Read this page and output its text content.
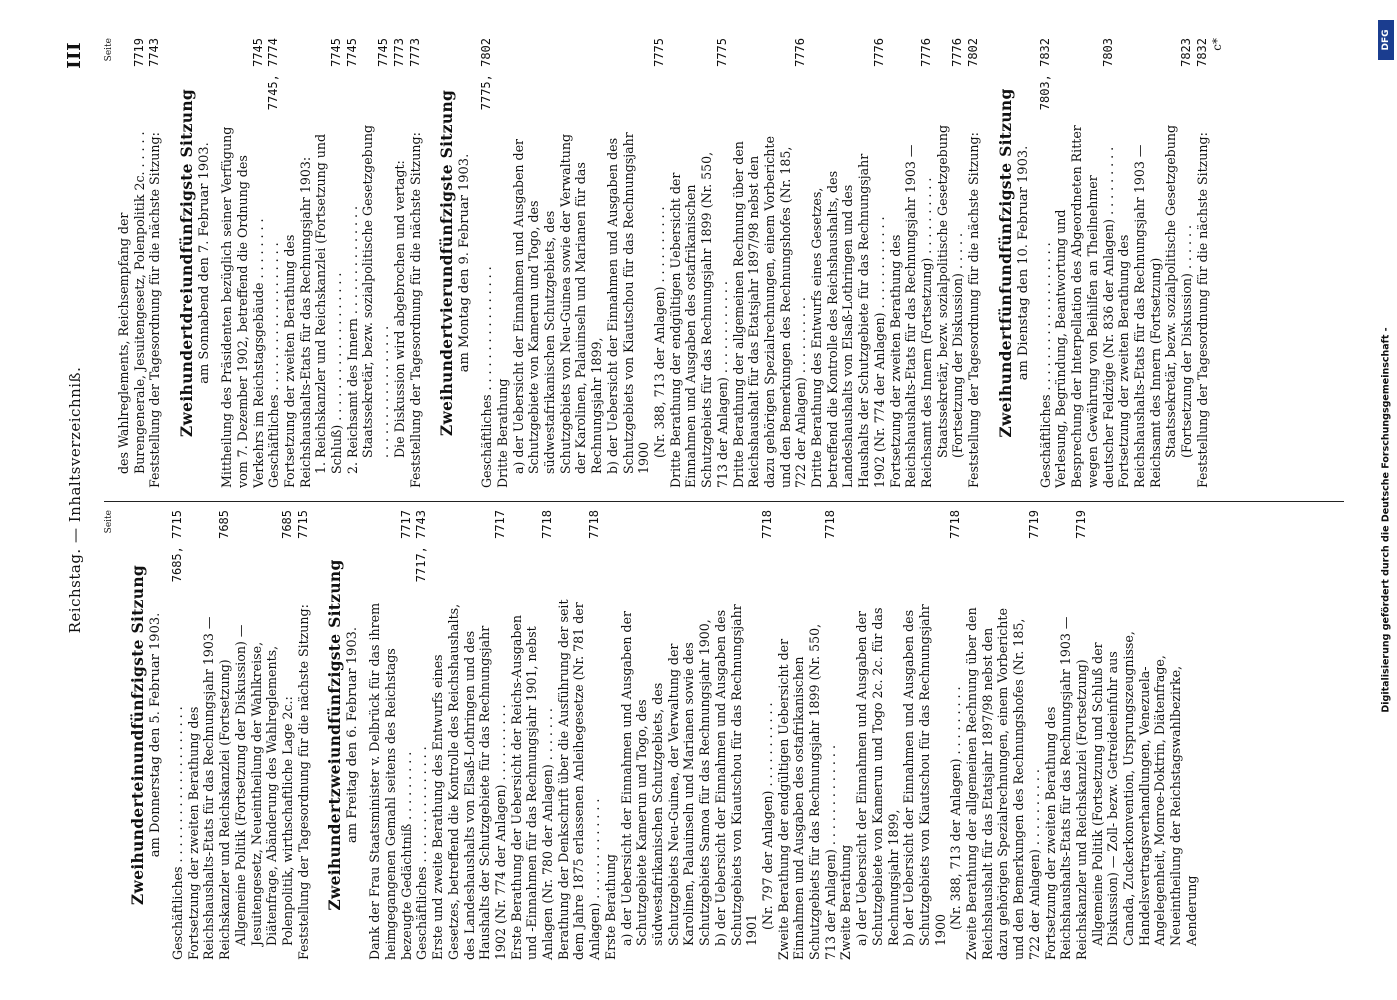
Reichstag. — Inhaltsverzeichniß.
III
Seite
Zweihunderteinundfünfzigste Sitzung am Donnerstag den 5. Februar 1903. Geschäftliches . . . . . . . . . . . . . . . . . . . .
7685, 7715
Fortsetzung der zweiten Berathung des Reichshaushalts-Etats für das Rechnungsjahr 1903 — Reichskanzler und Reichskanzlei (Fortsetzung)
7685
Allgemeine Politik (Fortsetzung der Diskussion) — Jesuitengesetz, Neueintheilung der Wahlkreise, Diätenfrage, Abänderung des Wahlreglements, Polenpolitik, wirthschaftliche Lage 2c.:
7685
Feststellung der Tagesordnung für die nächste Sitzung:
7715
Zweihundertzweiundfünfzigste Sitzung am Freitag den 6. Februar 1903. Dank der Frau Staatsminister v. Delbrück für das ihrem heimgegangenen Gemahl seitens des Reichstags bezeugte Gedächtniß . . . . . . . . .
7717
Geschäftliches . . . . . . . . . . . . . . .
7717, 7743
Erste und zweite Berathung des Entwurfs eines Gesetzes, betreffend die Kontrolle des Reichshaushalts, des Landeshaushalts von Elsaß-Lothringen und des Haushalts der Schutzgebiete für das Rechnungsjahr 1902 (Nr. 774 der Anlagen) . . . . . . . . . .
7717
Erste Berathung der Uebersicht der Reichs-Ausgaben und -Einnahmen für das Rechnungsjahr 1901, nebst Anlagen (Nr. 780 der Anlagen) . . . . . . .
7718
Berathung der Denkschrift über die Ausführung der seit dem Jahre 1875 erlassenen Anleihegesetze (Nr. 781 der Anlagen) . . . . . . . . . . . . .
7718
Erste Berathung a) der Uebersicht der Einnahmen und Ausgaben der Schutzgebiete Kamerun und Togo, des südwestafrikanischen Schutzgebiets, des Schutzgebiets Neu-Guinea, der Verwaltung der Karolinen, Palauinseln und Marianen sowie des Schutzgebiets Samoa für das Rechnungsjahr 1900, b) der Uebersicht der Einnahmen und Ausgaben des Schutzgebiets von Kiautschou für das Rechnungsjahr 1901 (Nr. 797 der Anlagen) . . . . . . . . . . .
7718
Zweite Berathung der endgültigen Uebersicht der Einnahmen und Ausgaben des ostafrikanischen Schutzgebiets für das Rechnungsjahr 1899 (Nr. 550, 713 der Anlagen) . . . . . . . . . . . . .
7718
Zweite Berathung a) der Uebersicht der Einnahmen und Ausgaben der Schutzgebiete von Kamerun und Togo 2c. 2c. für das Rechnungsjahr 1899, b) der Uebersicht der Einnahmen und Ausgaben des Schutzgebiets von Kiautschou für das Rechnungsjahr 1900 (Nr. 388, 713 der Anlagen) . . . . . . . . .
7718
Zweite Berathung der allgemeinen Rechnung über den Reichshaushalt für das Etatsjahr 1897/98 nebst den dazu gehörigen Spezialrechnungen, einem Vorberichte und den Bemerkungen des Rechnungshofes (Nr. 185, 722 der Anlagen) . . . . . . . . . .
7719
Fortsetzung der zweiten Berathung des Reichshaushalts-Etats für das Rechnungsjahr 1903 — Reichskanzler und Reichskanzlei (Fortsetzung)
7719
Allgemeine Politik (Fortsetzung und Schluß der Diskussion) — Zoll- bezw. Getreideeinfuhr aus Canada, Zuckerkonvention, Ursprungszeugnisse, Handelsvertragsverhandlungen, Venezuela-Angelegenheit, Monroe-Doktrin, Diätenfrage, Neueintheilung der Reichstagswahlbezirke, Aenderung
Seite
des Wahlreglements, Reichsempfang der Burengenerale, Jesuitengesetz, Polenpolitik 2c. . . . . .
7719
Feststellung der Tagesordnung für die nächste Sitzung:
7743
Zweihundertdreiundfünfzigste Sitzung am Sonnabend den 7. Februar 1903. Mittheilung des Präsidenten bezüglich seiner Verfügung vom 7. Dezember 1902, betreffend die Ordnung des Verkehrs im Reichstagsgebäude . . . . . . . .
7745
Geschäftliches . . . . . . . . . . . . . . . . . . .
7745, 7774
Fortsetzung der zweiten Berathung des Reichshaushalts-Etats für das Rechnungsjahr 1903: 1. Reichskanzler und Reichskanzlei (Fortsetzung und Schluß) . . . . . . . . . . . . . . . . . . .
7745
2. Reichsamt des Innern . . . . . . . . . . . . . .
7745
Staatssekretär, bezw. sozialpolitische Gesetzgebung . . . . . . . . . . . . . . . . .
7745
Die Diskussion wird abgebrochen und vertagt:
7773
Feststellung der Tagesordnung für die nächste Sitzung:
7773
Zweihundertvierundfünfzigste Sitzung am Montag den 9. Februar 1903.
Geschäftliches . . . . . . . . . . . . . . . .
7775, 7802
Dritte Berathung a) der Uebersicht der Einnahmen und Ausgaben der Schutzgebiete von Kamerun und Togo, des südwestafrikanischen Schutzgebiets, des Schutzgebiets von Neu-Guinea sowie der Verwaltung der Karolinen, Palauinseln und Marianen für das Rechnungsjahr 1899, b) der Uebersicht der Einnahmen und Ausgaben des Schutzgebiets von Kiautschou für das Rechnungsjahr 1900 (Nr. 388, 713 der Anlagen) . . . . . . . . . .
7775
Dritte Berathung der endgültigen Uebersicht der Einnahmen und Ausgaben des ostafrikanischen Schutzgebiets für das Rechnungsjahr 1899 (Nr. 550, 713 der Anlagen) . . . . . . . . . . . .
7775
Dritte Berathung der allgemeinen Rechnung über den Reichshaushalt für das Etatsjahr 1897/98 nebst den dazu gehörigen Spezialrechnungen, einem Vorberichte und den Bemerkungen des Rechnungshofes (Nr. 185, 722 der Anlagen) . . . . . . . . . .
7776
Dritte Berathung des Entwurfs eines Gesetzes, betreffend die Kontrolle des Reichshaushalts, des Landeshaushalts von Elsaß-Lothringen und des Haushalts der Schutzgebiete für das Rechnungsjahr 1902 (Nr. 774 der Anlagen) . . . . . . . . . . . .
7776
Fortsetzung der zweiten Berathung des Reichshaushalts-Etats für das Rechnungsjahr 1903 — Reichsamt des Innern (Fortsetzung) . . . . . . . . . .
7776
Staatssekretär, bezw. sozialpolitische Gesetzgebung (Fortsetzung der Diskussion) . . . . .
7776
Feststellung der Tagesordnung für die nächste Sitzung:
7802
Zweihundertfünfundfünfzigste Sitzung am Dienstag den 10. Februar 1903. Geschäftliches . . . . . . . . . . . . . . . . . . .
7803, 7832
Verlesung, Begründung, Beantwortung und Besprechung der Interpellation des Abgeordneten Ritter wegen Gewährung von Beihilfen an Theilnehmer deutscher Feldzüge (Nr. 836 der Anlagen) . . . . . . . . .
7803
Fortsetzung der zweiten Berathung des Reichshaushalts-Etats für das Rechnungsjahr 1903 — Reichsamt des Innern (Fortsetzung) Staatssekretär, bezw. sozialpolitische Gesetzgebung (Fortsetzung der Diskussion) . . . . . .
7823
Feststellung der Tagesordnung für die nächste Sitzung:
7832 c*	DFG
Digitalisierung gefördert durch die Deutsche Forschungsgemeinschaft -
